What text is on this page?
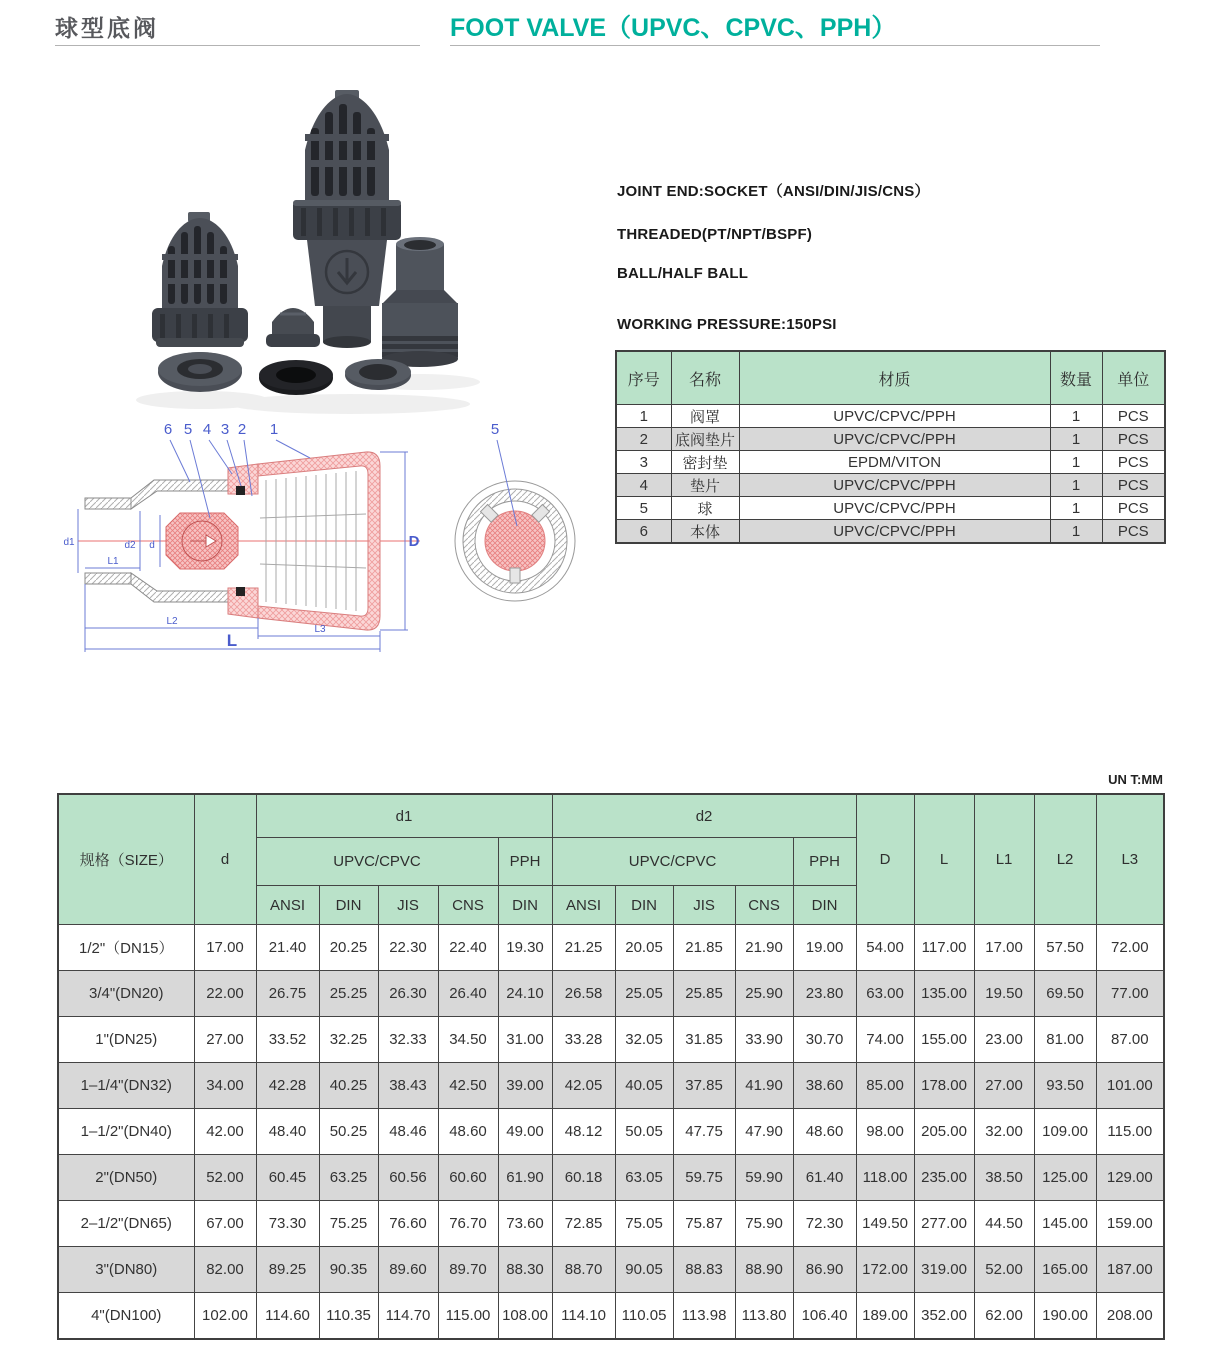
球型底阀	FOOT VALVE（UPVC、CPVC、PPH）
6 5 4 3 2 1
d1	d2 d
L1
L2
L3
L
D
5
JOINT END:SOCKET（ANSI/DIN/JIS/CNS）
THREADED(PT/NPT/BSPF)
BALL/HALF BALL
WORKING PRESSURE:150PSI
序号	名称	材质	数量	单位
1	阀罩	UPVC/CPVC/PPH	1	PCS
2	底阀垫片	UPVC/CPVC/PPH	1	PCS
3	密封垫	EPDM/VITON	1	PCS
4	垫片	UPVC/CPVC/PPH	1	PCS
5	球	UPVC/CPVC/PPH	1	PCS
6	本体	UPVC/CPVC/PPH	1	PCS
UN T:MM
规格（SIZE）	d	d1					d2					D	L	L1	L2	L3
		UPVC/CPVC				PPH	UPVC/CPVC				PPH					
		ANSI	DIN	JIS	CNS	DIN	ANSI	DIN	JIS	CNS	DIN					
1/2"（DN15）	17.00	21.40	20.25	22.30	22.40	19.30	21.25	20.05	21.85	21.90	19.00	54.00	117.00	17.00	57.50	72.00
3/4"(DN20)	22.00	26.75	25.25	26.30	26.40	24.10	26.58	25.05	25.85	25.90	23.80	63.00	135.00	19.50	69.50	77.00
1"(DN25)	27.00	33.52	32.25	32.33	34.50	31.00	33.28	32.05	31.85	33.90	30.70	74.00	155.00	23.00	81.00	87.00
1–1/4"(DN32)	34.00	42.28	40.25	38.43	42.50	39.00	42.05	40.05	37.85	41.90	38.60	85.00	178.00	27.00	93.50	101.00
1–1/2"(DN40)	42.00	48.40	50.25	48.46	48.60	49.00	48.12	50.05	47.75	47.90	48.60	98.00	205.00	32.00	109.00	115.00
2"(DN50)	52.00	60.45	63.25	60.56	60.60	61.90	60.18	63.05	59.75	59.90	61.40	118.00	235.00	38.50	125.00	129.00
2–1/2"(DN65)	67.00	73.30	75.25	76.60	76.70	73.60	72.85	75.05	75.87	75.90	72.30	149.50	277.00	44.50	145.00	159.00
3"(DN80)	82.00	89.25	90.35	89.60	89.70	88.30	88.70	90.05	88.83	88.90	86.90	172.00	319.00	52.00	165.00	187.00
4"(DN100)	102.00	114.60	110.35	114.70	115.00	108.00	114.10	110.05	113.98	113.80	106.40	189.00	352.00	62.00	190.00	208.00
